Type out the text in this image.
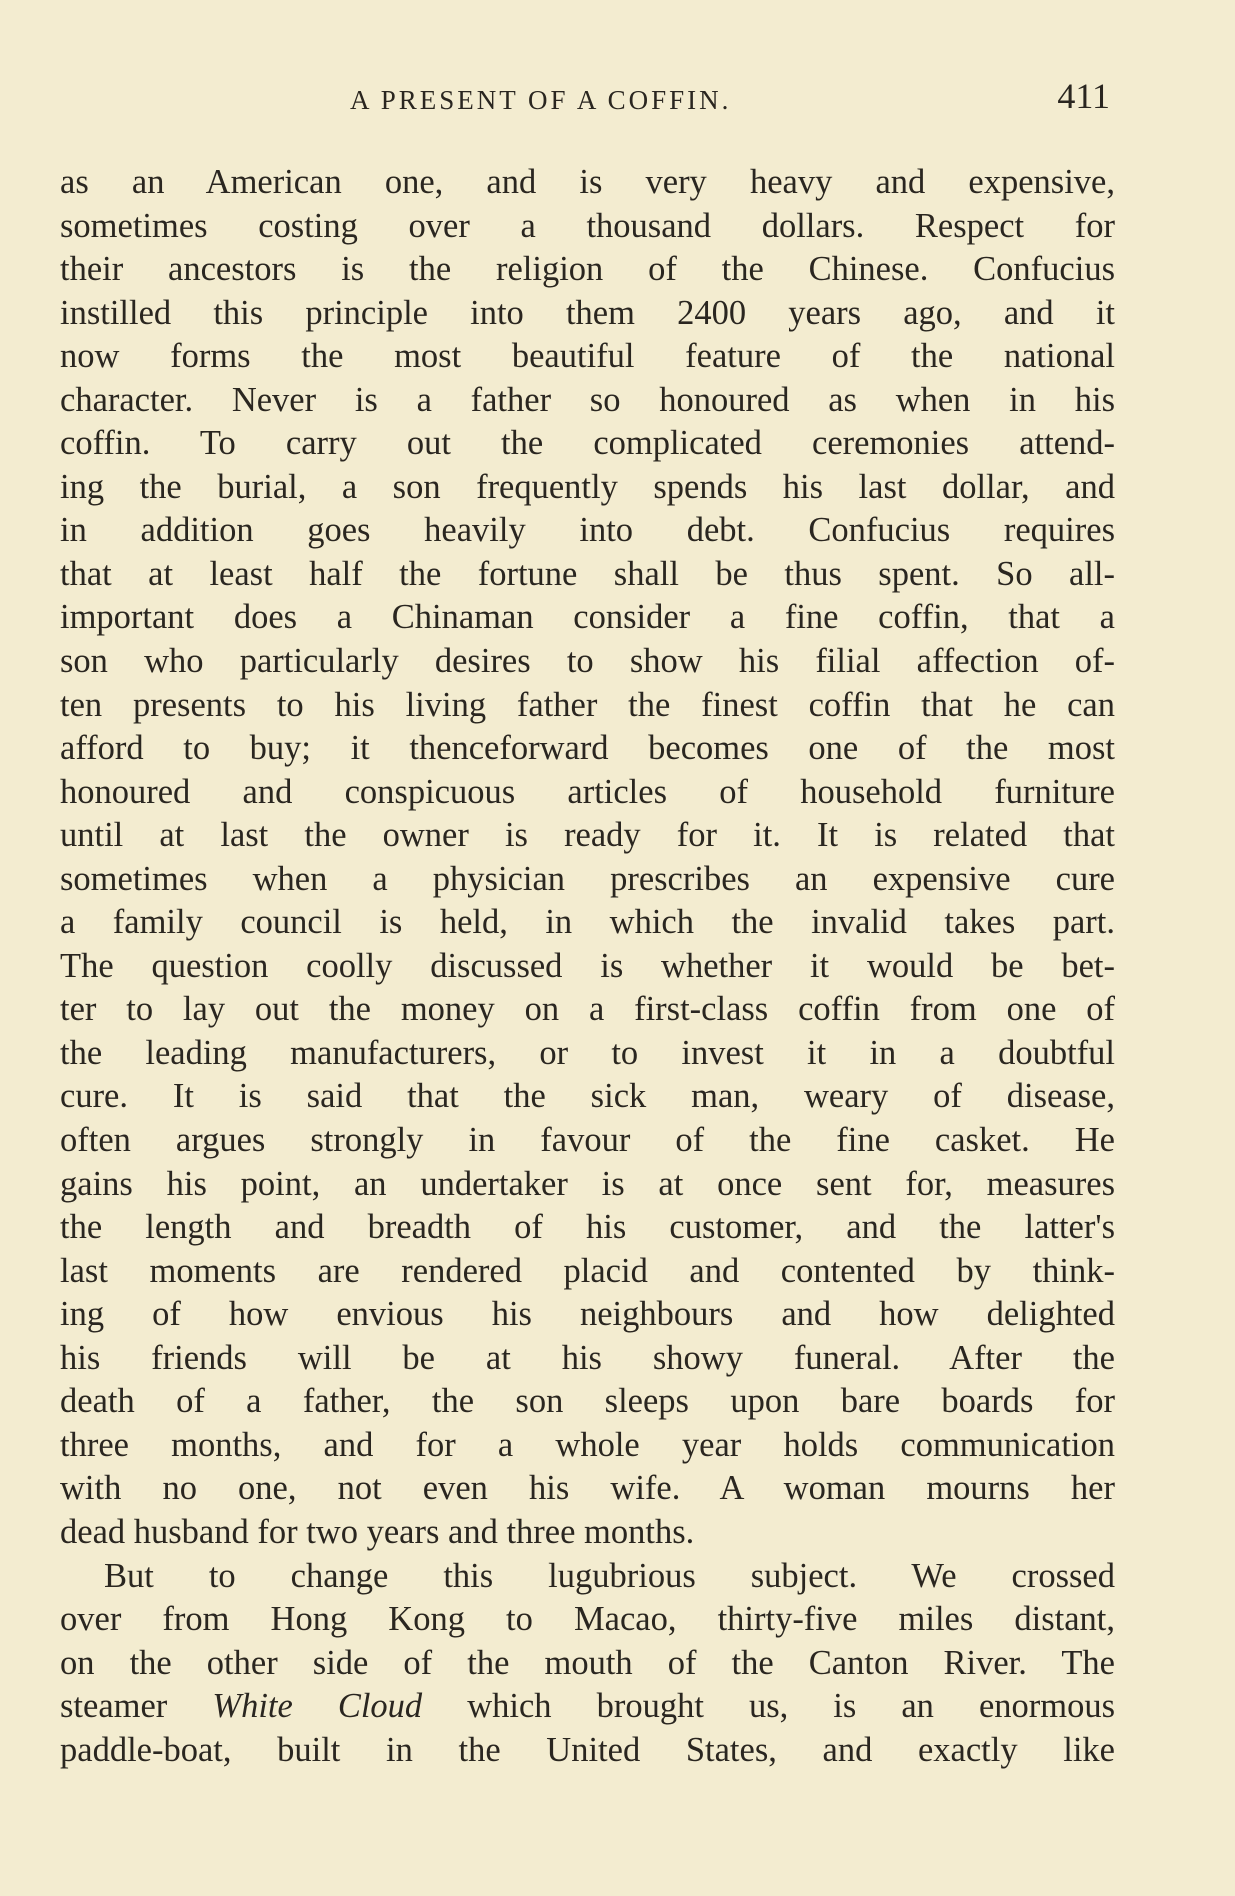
A PRESENT OF A COFFIN.	411
as an American one, and is very heavy and expensive,
sometimes costing over a thousand dollars. Respect for
their ancestors is the religion of the Chinese. Confucius
instilled this principle into them 2400 years ago, and it
now forms the most beautiful feature of the national
character. Never is a father so honoured as when in his
coffin. To carry out the complicated ceremonies attend-
ing the burial, a son frequently spends his last dollar, and
in addition goes heavily into debt. Confucius requires
that at least half the fortune shall be thus spent. So all-
important does a Chinaman consider a fine coffin, that a
son who particularly desires to show his filial affection of-
ten presents to his living father the finest coffin that he can
afford to buy; it thenceforward becomes one of the most
honoured and conspicuous articles of household furniture
until at last the owner is ready for it. It is related that
sometimes when a physician prescribes an expensive cure
a family council is held, in which the invalid takes part.
The question coolly discussed is whether it would be bet-
ter to lay out the money on a first-class coffin from one of
the leading manufacturers, or to invest it in a doubtful
cure. It is said that the sick man, weary of disease,
often argues strongly in favour of the fine casket. He
gains his point, an undertaker is at once sent for, measures
the length and breadth of his customer, and the latter's
last moments are rendered placid and contented by think-
ing of how envious his neighbours and how delighted
his friends will be at his showy funeral. After the
death of a father, the son sleeps upon bare boards for
three months, and for a whole year holds communication
with no one, not even his wife. A woman mourns her
dead husband for two years and three months.
But to change this lugubrious subject. We crossed
over from Hong Kong to Macao, thirty-five miles distant,
on the other side of the mouth of the Canton River. The
steamer White Cloud which brought us, is an enormous
paddle-boat, built in the United States, and exactly like
